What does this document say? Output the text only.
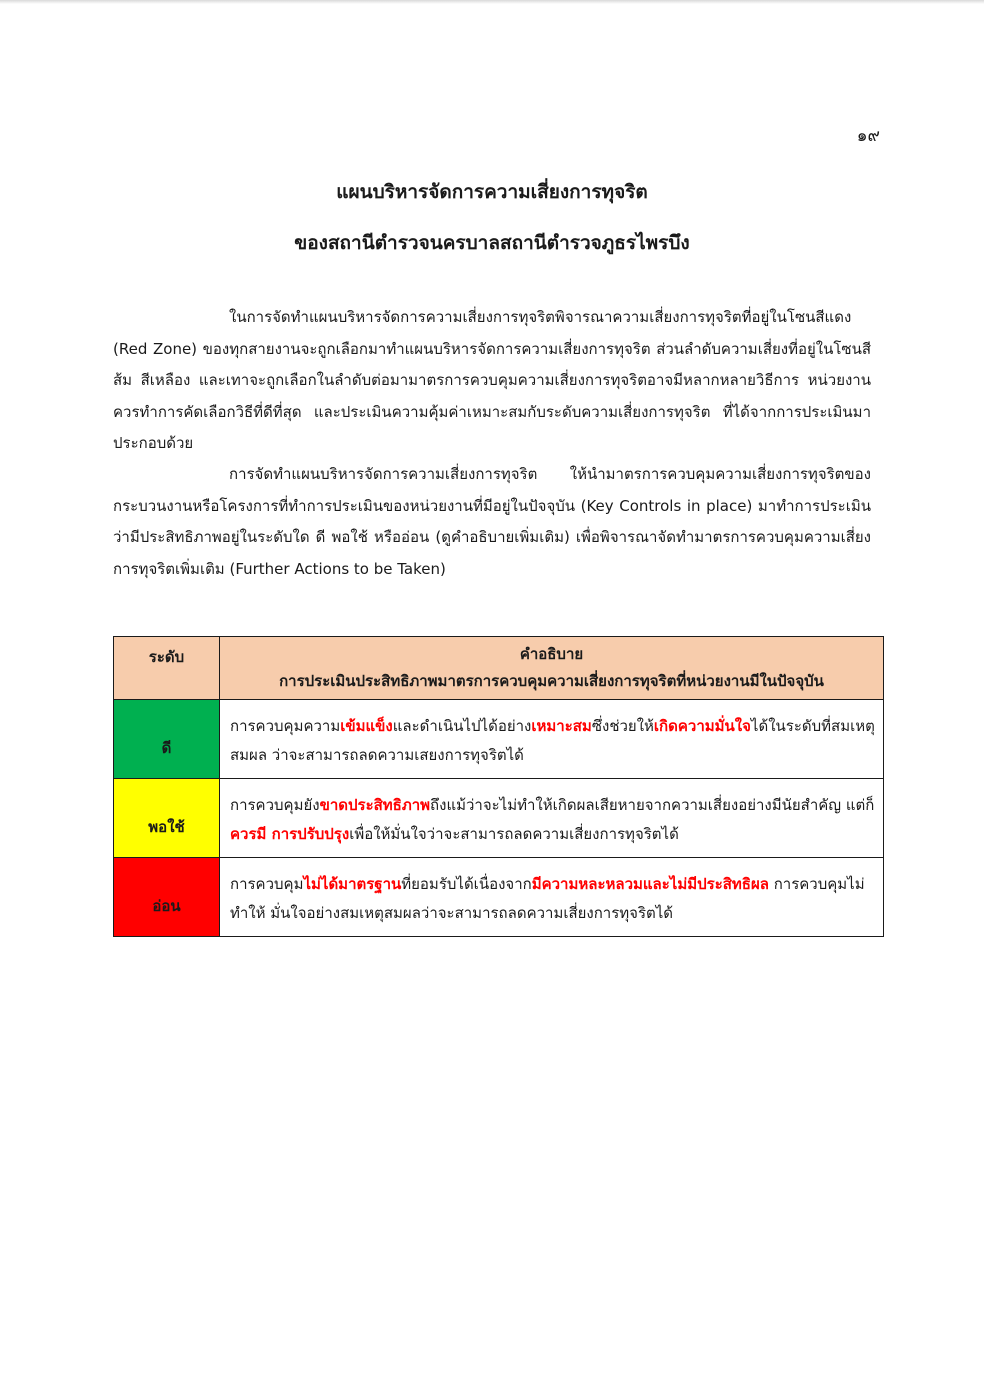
๑๙
แผนบริหารจัดการความเสี่ยงการทุจริต
ของสถานีตำรวจนครบาลสถานีตำรวจภูธรไพรบึง
ในการจัดทำแผนบริหารจัดการความเสี่ยงการทุจริตพิจารณาความเสี่ยงการทุจริตที่อยู่ในโซนสีแดง (Red Zone) ของทุกสายงานจะถูกเลือกมาทำแผนบริหารจัดการความเสี่ยงการทุจริต ส่วนลำดับความเสี่ยงที่อยู่ในโซนสีส้ม สีเหลือง และเทาจะถูกเลือกในลำดับต่อมามาตรการควบคุมความเสี่ยงการทุจริตอาจมีหลากหลายวิธีการ หน่วยงานควรทำการคัดเลือกวิธีที่ดีที่สุด และประเมินความคุ้มค่าเหมาะสมกับระดับความเสี่ยงการทุจริต ที่ได้จากการประเมินมาประกอบด้วย
การจัดทำแผนบริหารจัดการความเสี่ยงการทุจริต ให้นำมาตรการควบคุมความเสี่ยงการทุจริตของกระบวนงานหรือโครงการที่ทำการประเมินของหน่วยงานที่มีอยู่ในปัจจุบัน (Key Controls in place) มาทำการประเมินว่ามีประสิทธิภาพอยู่ในระดับใด ดี พอใช้ หรืออ่อน (ดูคำอธิบายเพิ่มเติม) เพื่อพิจารณาจัดทำมาตรการควบคุมความเสี่ยงการทุจริตเพิ่มเติม (Further Actions to be Taken)
ระดับ	คำอธิบาย
การประเมินประสิทธิภาพมาตรการควบคุมความเสี่ยงการทุจริตที่หน่วยงานมีในปัจจุบัน

ดี	การควบคุมความเข้มแข็งและดำเนินไปได้อย่างเหมาะสมซึ่งช่วยให้เกิดความมั่นใจได้ในระดับที่สมเหตุสมผล ว่าจะสามารถลดความเสยงการทุจริตได้
พอใช้	การควบคุมยังขาดประสิทธิภาพถึงแม้ว่าจะไม่ทำให้เกิดผลเสียหายจากความเสี่ยงอย่างมีนัยสำคัญ แต่ก็ควรมี การปรับปรุงเพื่อให้มั่นใจว่าจะสามารถลดความเสี่ยงการทุจริตได้
อ่อน	การควบคุมไม่ได้มาตรฐานที่ยอมรับได้เนื่องจากมีความหละหลวมและไม่มีประสิทธิผล การควบคุมไม่ทำให้ มั่นใจอย่างสมเหตุสมผลว่าจะสามารถลดความเสี่ยงการทุจริตได้
